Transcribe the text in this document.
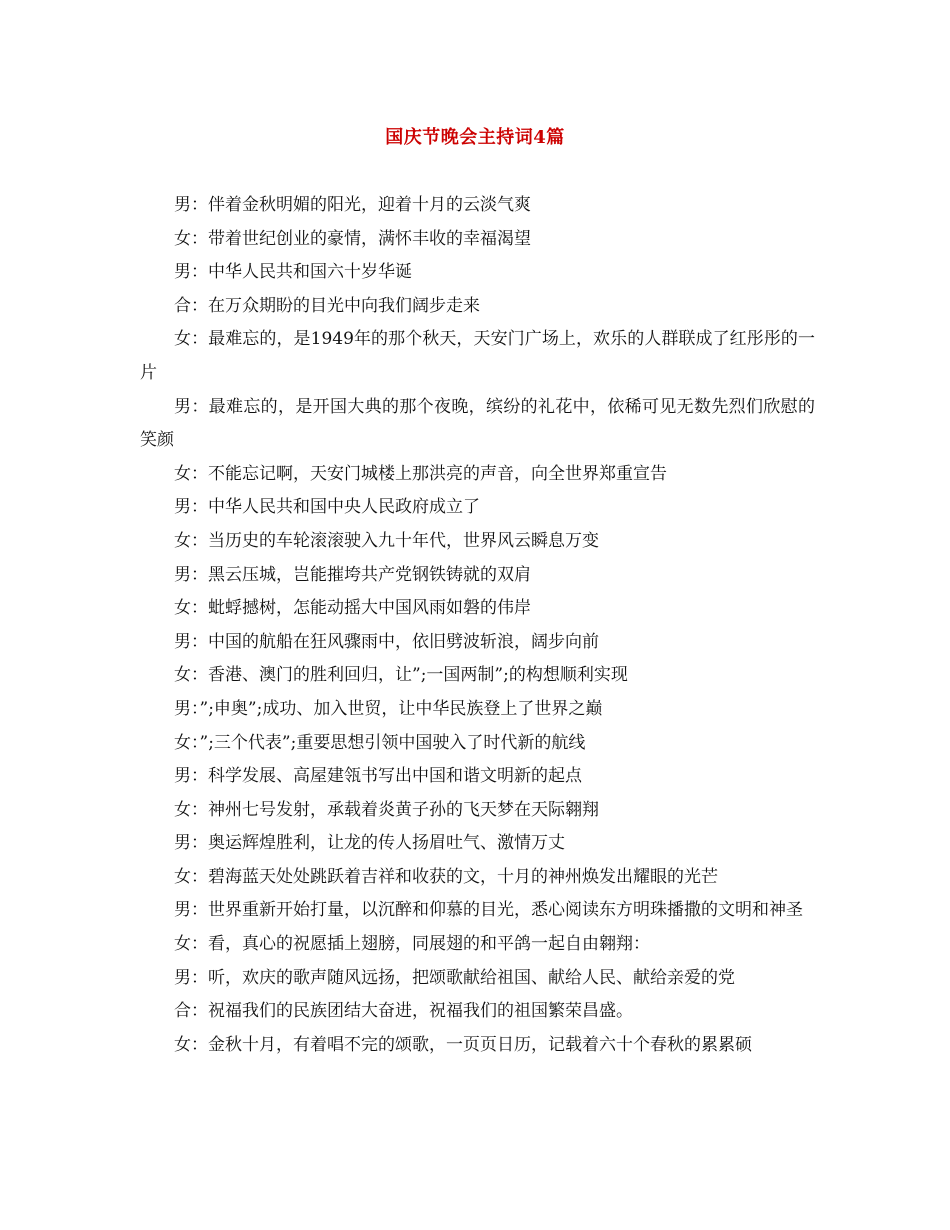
国庆节晚会主持词4篇

男：伴着金秋明媚的阳光，迎着十月的云淡气爽

女：带着世纪创业的豪情，满怀丰收的幸福渴望

男：中华人民共和国六十岁华诞

合：在万众期盼的目光中向我们阔步走来

女：最难忘的，是1949年的那个秋天，天安门广场上，欢乐的人群联成了红彤彤的一片

男：最难忘的，是开国大典的那个夜晚，缤纷的礼花中，依稀可见无数先烈们欣慰的笑颜

女：不能忘记啊，天安门城楼上那洪亮的声音，向全世界郑重宣告

男：中华人民共和国中央人民政府成立了

女：当历史的车轮滚滚驶入九十年代，世界风云瞬息万变

男：黑云压城，岂能摧垮共产党钢铁铸就的双肩

女：蚍蜉撼树，怎能动摇大中国风雨如磐的伟岸

男：中国的航船在狂风骤雨中，依旧劈波斩浪，阔步向前

女：香港、澳门的胜利回归，让”;一国两制”;的构想顺利实现

男：”;申奥”;成功、加入世贸，让中华民族登上了世界之巅

女：”;三个代表”;重要思想引领中国驶入了时代新的航线

男：科学发展、高屋建瓴书写出中国和谐文明新的起点

女：神州七号发射，承载着炎黄子孙的飞天梦在天际翱翔

男：奥运辉煌胜利，让龙的传人扬眉吐气、激情万丈

女：碧海蓝天处处跳跃着吉祥和收获的文，十月的神州焕发出耀眼的光芒

男：世界重新开始打量，以沉醉和仰慕的目光，悉心阅读东方明珠播撒的文明和神圣

女：看，真心的祝愿插上翅膀，同展翅的和平鸽一起自由翱翔：

男：听，欢庆的歌声随风远扬，把颂歌献给祖国、献给人民、献给亲爱的党

合：祝福我们的民族团结大奋进，祝福我们的祖国繁荣昌盛。

女：金秋十月，有着唱不完的颂歌，一页页日历，记载着六十个春秋的累累硕
